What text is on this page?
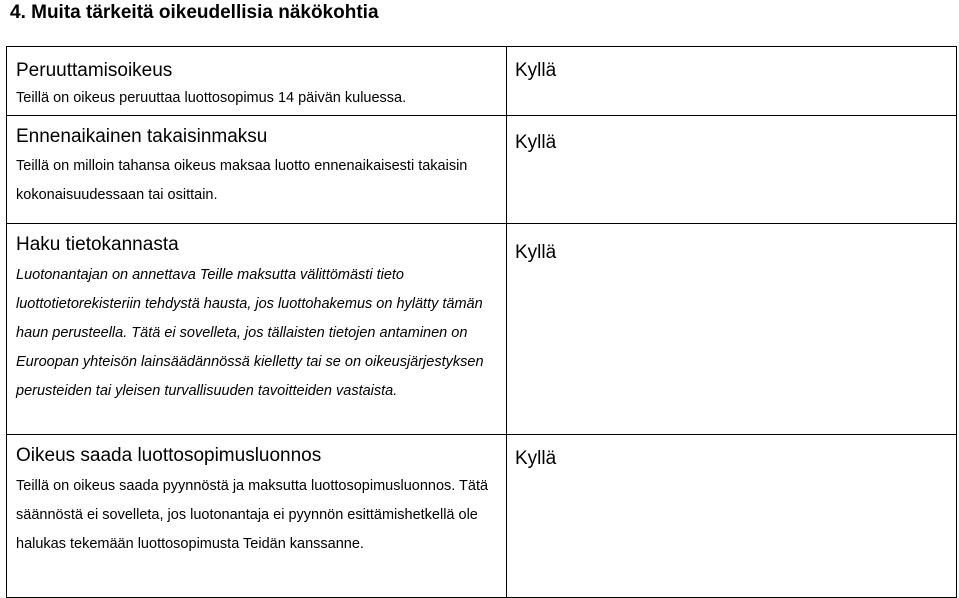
4. Muita tärkeitä oikeudellisia näkökohtia
Peruuttamisoikeus
Teillä on oikeus peruuttaa luottosopimus 14 päivän kuluessa.	Kyllä

Ennenaikainen takaisinmaksu
Teillä on milloin tahansa oikeus maksaa luotto ennenaikaisesti takaisin kokonaisuudessaan tai osittain.	Kyllä

Haku tietokannasta
Luotonantajan on annettava Teille maksutta välittömästi tieto luottotietorekisteriin tehdystä hausta, jos luottohakemus on hylätty tämän haun perusteella. Tätä ei sovelleta, jos tällaisten tietojen antaminen on Euroopan yhteisön lainsäädännössä kielletty tai se on oikeusjärjestyksen perusteiden tai yleisen turvallisuuden tavoitteiden vastaista.	Kyllä

Oikeus saada luottosopimusluonnos
Teillä on oikeus saada pyynnöstä ja maksutta luottosopimusluonnos. Tätä säännöstä ei sovelleta, jos luotonantaja ei pyynnön esittämishetkellä ole halukas tekemään luottosopimusta Teidän kanssanne.	Kyllä
